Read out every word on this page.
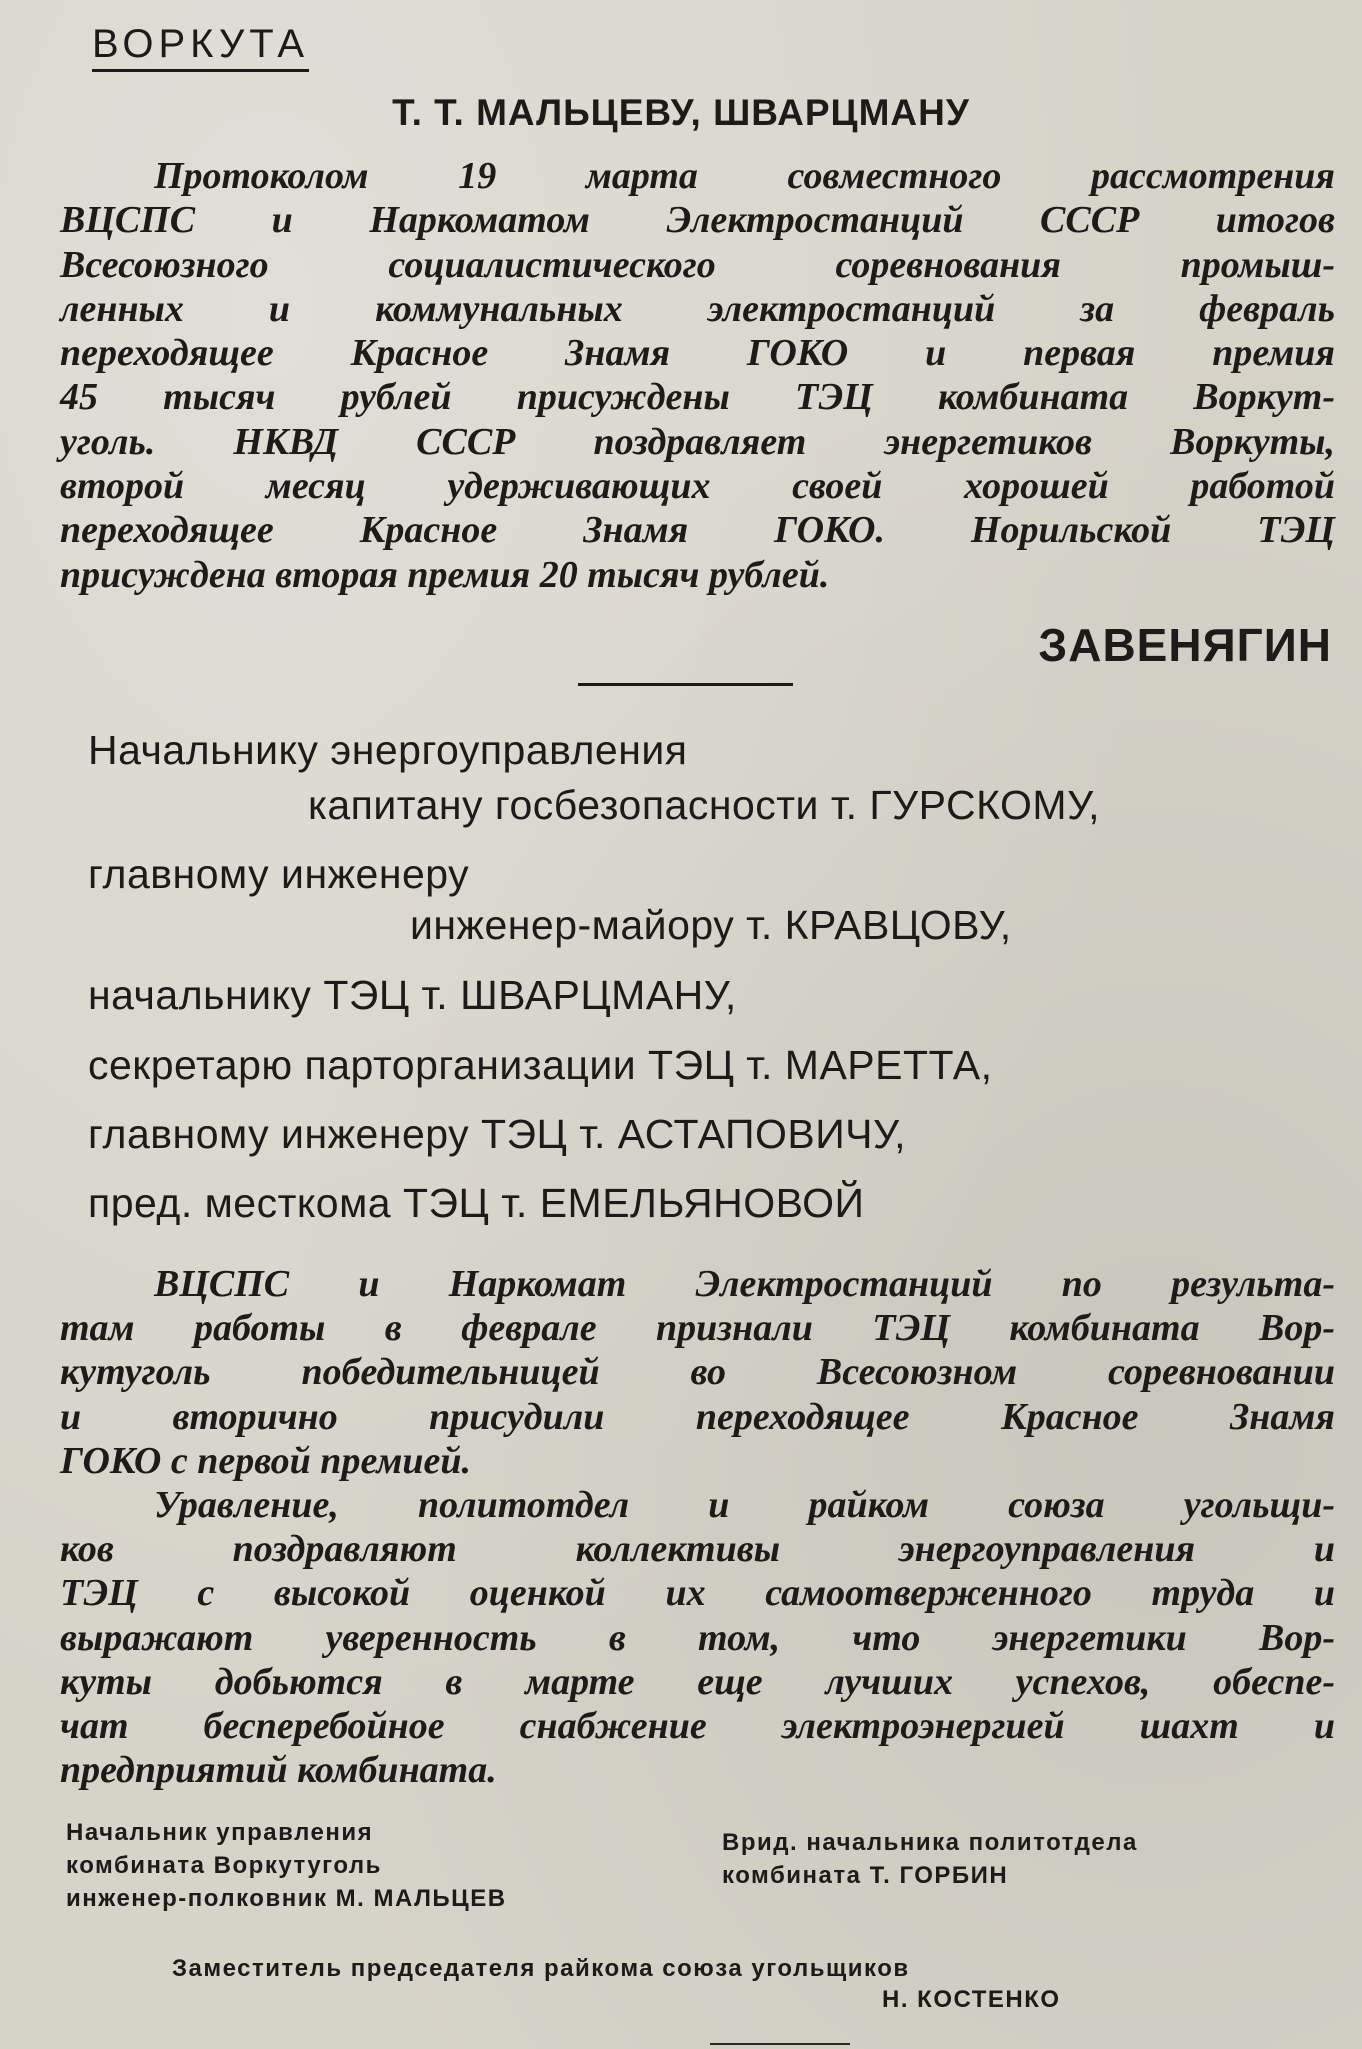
ВОРКУТА
Т. Т. МАЛЬЦЕВУ, ШВАРЦМАНУ
Протоколом 19 марта совместного рассмотрения
ВЦСПС и Наркоматом Электростанций СССР итогов
Всесоюзного социалистического соревнования промыш-
ленных и коммунальных электростанций за февраль
переходящее Красное Знамя ГОКО и первая премия
45 тысяч рублей присуждены ТЭЦ комбината Воркут-
уголь. НКВД СССР поздравляет энергетиков Воркуты,
второй месяц удерживающих своей хорошей работой
переходящее Красное Знамя ГОКО. Норильской ТЭЦ
присуждена вторая премия 20 тысяч рублей.
ЗАВЕНЯГИН
Начальнику энергоуправления
капитану госбезопасности т. ГУРСКОМУ,
главному инженеру
инженер-майору т. КРАВЦОВУ,
начальнику ТЭЦ т. ШВАРЦМАНУ,
секретарю парторганизации ТЭЦ т. МАРЕТТА,
главному инженеру ТЭЦ т. АСТАПОВИЧУ,
пред. месткома ТЭЦ т. ЕМЕЛЬЯНОВОЙ
ВЦСПС и Наркомат Электростанций по результа-
там работы в феврале признали ТЭЦ комбината Вор-
кутуголь победительницей во Всесоюзном соревновании
и вторично присудили переходящее Красное Знамя
ГОКО с первой премией.
Уравление, политотдел и райком союза угольщи-
ков поздравляют коллективы энергоуправления и
ТЭЦ с высокой оценкой их самоотверженного труда и
выражают уверенность в том, что энергетики Вор-
куты добьются в марте еще лучших успехов, обеспе-
чат бесперебойное снабжение электроэнергией шахт и
предприятий комбината.
Начальник управления
комбината Воркутуголь
инженер-полковник М. МАЛЬЦЕВ
Врид. начальника политотдела
комбината Т. ГОРБИН
Заместитель председателя райкома союза угольщиков
Н. КОСТЕНКО
